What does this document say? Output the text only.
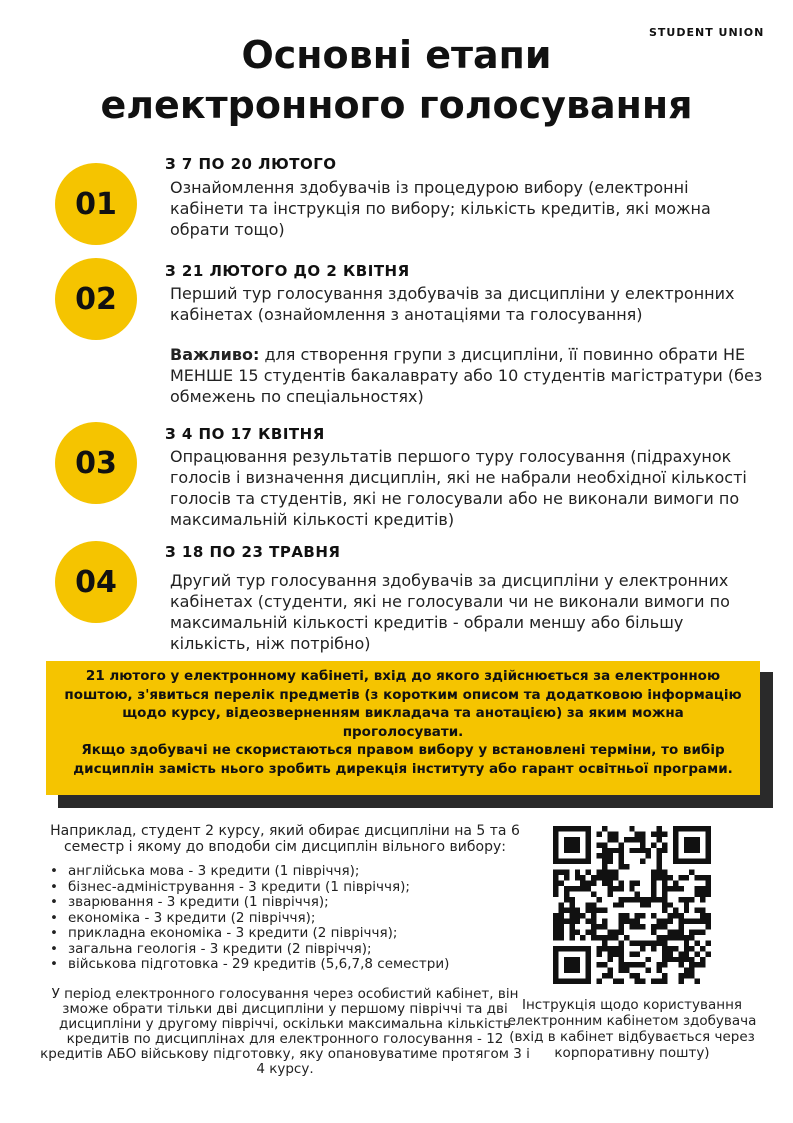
STUDENT UNION
Основні етапи
електронного голосування
01
З 7 ПО 20 ЛЮТОГО
Ознайомлення здобувачів із процедурою вибору (електронні кабінети та інструкція по вибору; кількість кредитів, які можна обрати тощо)
02
З 21 ЛЮТОГО ДО 2 КВІТНЯ
Перший тур голосування здобувачів за дисципліни у електронних кабінетах (ознайомлення з анотаціями та голосування)
Важливо: для створення групи з дисципліни, її повинно обрати НЕ МЕНШЕ 15 студентів бакалаврату або 10 студентів магістратури (без обмежень по спеціальностях)
03
З 4 ПО 17 КВІТНЯ
Опрацювання результатів першого туру голосування (підрахунок голосів і визначення дисциплін, які не набрали необхідної кількості голосів та студентів, які не голосували або не виконали вимоги по максимальній кількості кредитів)
04
З 18 ПО 23 ТРАВНЯ
Другий тур голосування здобувачів за дисципліни у електронних кабінетах (студенти, які не голосували чи не виконали вимоги по максимальній кількості кредитів - обрали меншу або більшу кількість, ніж потрібно)
21 лютого у електронному кабінеті, вхід до якого здійснюється за електронною поштою, з'явиться перелік предметів (з коротким описом та додатковою інформацію щодо курсу, відеозверненням викладача та анотацією) за яким можна проголосувати.
Якщо здобувачі не скористаються правом вибору у встановлені терміни, то вибір дисциплін замість нього зробить дирекція інституту або гарант освітньої програми.
Наприклад, студент 2 курсу, який обирає дисципліни на 5 та 6 семестр і якому до вподоби сім дисциплін вільного вибору:
• англійська мова - 3 кредити (1 півріччя);
• бізнес-адміністрування - 3 кредити (1 півріччя);
• зварювання - 3 кредити (1 півріччя);
• економіка - 3 кредити (2 півріччя);
• прикладна економіка - 3 кредити (2 півріччя);
• загальна геологія - 3 кредити (2 півріччя);
• військова підготовка - 29 кредитів (5,6,7,8 семестри)
У період електронного голосування через особистий кабінет, він зможе обрати тільки дві дисципліни у першому півріччі та дві дисципліни у другому півріччі, оскільки максимальна кількість кредитів по дисциплінах для електронного голосування - 12 кредитів АБО військову підготовку, яку опановуватиме протягом 3 і 4 курсу.
Інструкція щодо користування електронним кабінетом здобувача (вхід в кабінет відбувається через корпоративну пошту)
